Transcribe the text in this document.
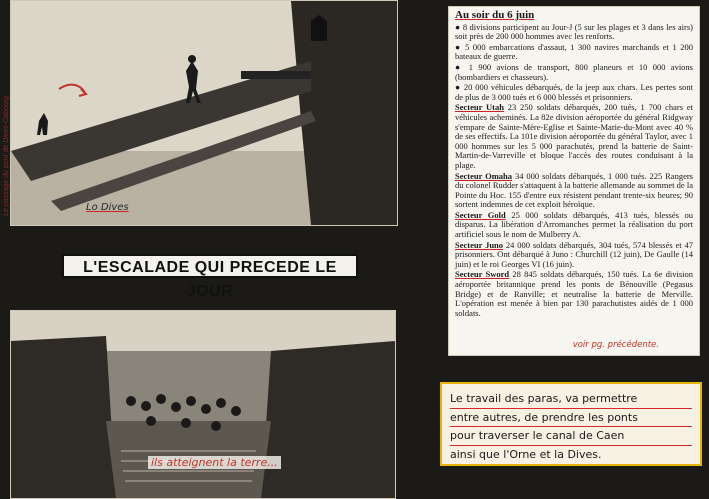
Le passage du pont de Dives-Cabourg	Lo Dives
L'ESCALADE QUI PRECEDE LE JOUR
ils atteignent la terre...
Au soir du 6 juin

● 8 divisions participent au Jour-J (5 sur les plages et 3 dans les airs) soit près de 200 000 hommes avec les renforts.

● 5 000 embarcations d'assaut, 1 300 navires marchands et 1 200 bateaux de guerre.

● 1 900 avions de transport, 800 planeurs et 10 000 avions (bombardiers et chasseurs).

● 20 000 véhicules débarqués, de la jeep aux chars. Les pertes sont de plus de 3 000 tués et 6 000 blessés et prisonniers.

Secteur Utah 23 250 soldats débarqués, 200 tués, 1 700 chars et véhicules acheminés. La 82e division aéroportée du général Ridgway s'empare de Sainte-Mère-Eglise et Sainte-Marie-du-Mont avec 40 % de ses effectifs. La 101e division aéroportée du général Taylor, avec 1 000 hommes sur les 5 000 parachutés, prend la batterie de Saint-Martin-de-Varreville et bloque l'accès des routes conduisant à la plage.

Secteur Omaha 34 000 soldats débarqués, 1 000 tués. 225 Rangers du colonel Rudder s'attaquent à la batterie allemande au sommet de la Pointe du Hoc. 155 d'entre eux résistent pendant trente-six heures; 90 sortent indemnes de cet exploit héroïque.

Secteur Gold 25 000 soldats débarqués, 413 tués, blessés ou disparus. La libération d'Arromanches permet la réalisation du port artificiel sous le nom de Mulberry A.

Secteur Juno 24 000 soldats débarqués, 304 tués, 574 blessés et 47 prisonniers. Ont débarqué à Juno : Churchill (12 juin), De Gaulle (14 juin) et le roi Georges VI (16 juin).

Secteur Sword 28 845 soldats débarqués, 150 tués. La 6e division aéroportée britannique prend les ponts de Bénouville (Pegasus Bridge) et de Ranville; et neutralise la batterie de Merville. L'opération est menée à bien par 130 parachutistes aidés de 1 000 soldats.

voir pg. précédente.
Le travail des paras, va permettre
entre autres, de prendre les ponts
pour traverser le canal de Caen
ainsi que l'Orne et la Dives.
